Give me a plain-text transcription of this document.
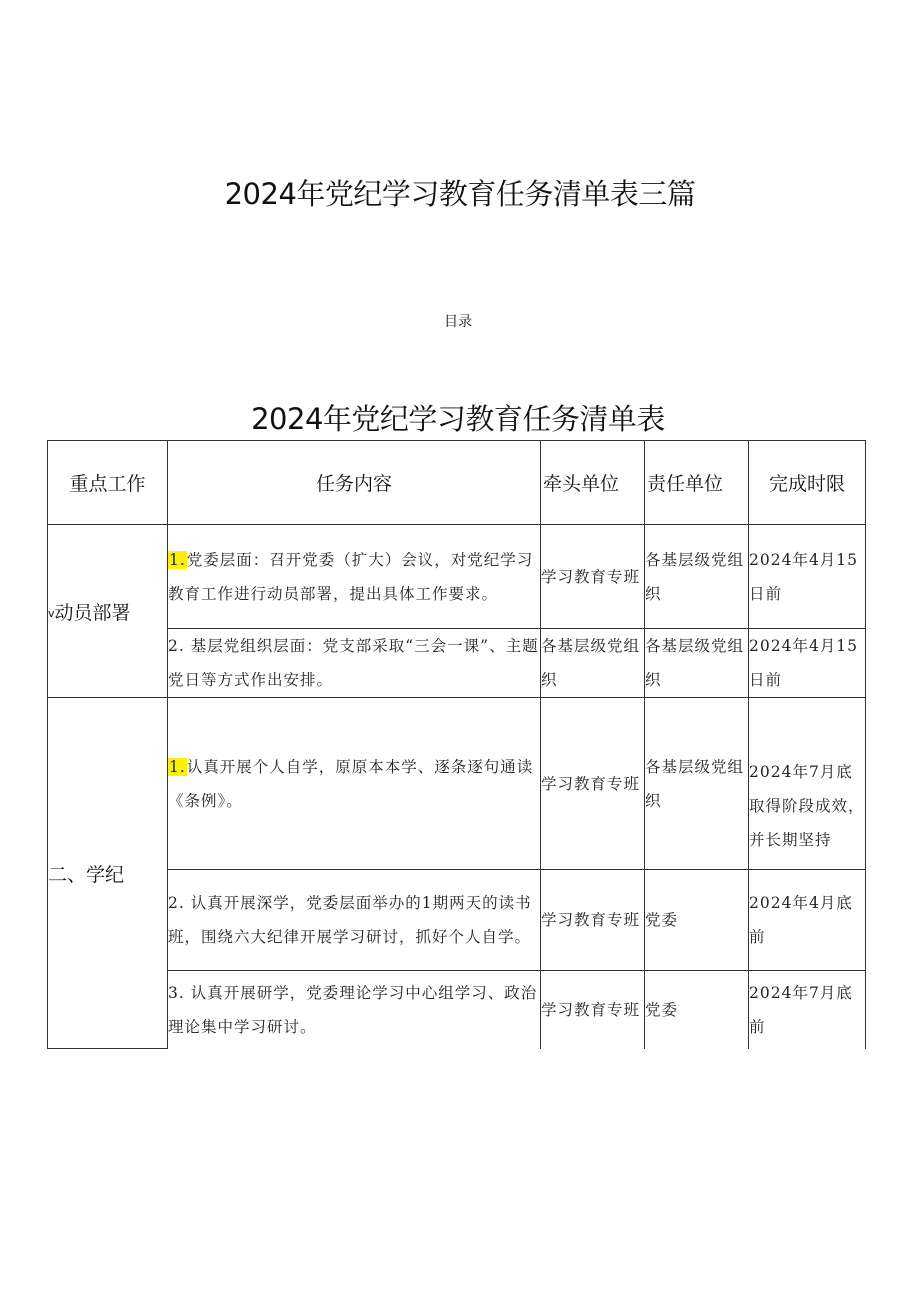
2024年党纪学习教育任务清单表三篇
目录
2024年党纪学习教育任务清单表
重点工作	任务内容	牵头单位	责任单位	完成时限
v动员部署	1.党委层面：召开党委（扩大）会议，对党纪学习教育工作进行动员部署，提出具体工作要求。	学习教育专班	各基层级党组织	2024年4月15日前
	2. 基层党组织层面：党支部采取“三会一课”、主题党日等方式作出安排。	各基层级党组织	各基层级党组织	2024年4月15日前
二、学纪	1.认真开展个人自学，原原本本学、逐条逐句通读《条例》。	学习教育专班	各基层级党组织	2024年7月底取得阶段成效，并长期坚持
	2. 认真开展深学，党委层面举办的1期两天的读书班，围绕六大纪律开展学习研讨，抓好个人自学。	学习教育专班	党委	2024年4月底前
	3. 认真开展研学，党委理论学习中心组学习、政治理论集中学习研讨。	学习教育专班	党委	2024年7月底前
